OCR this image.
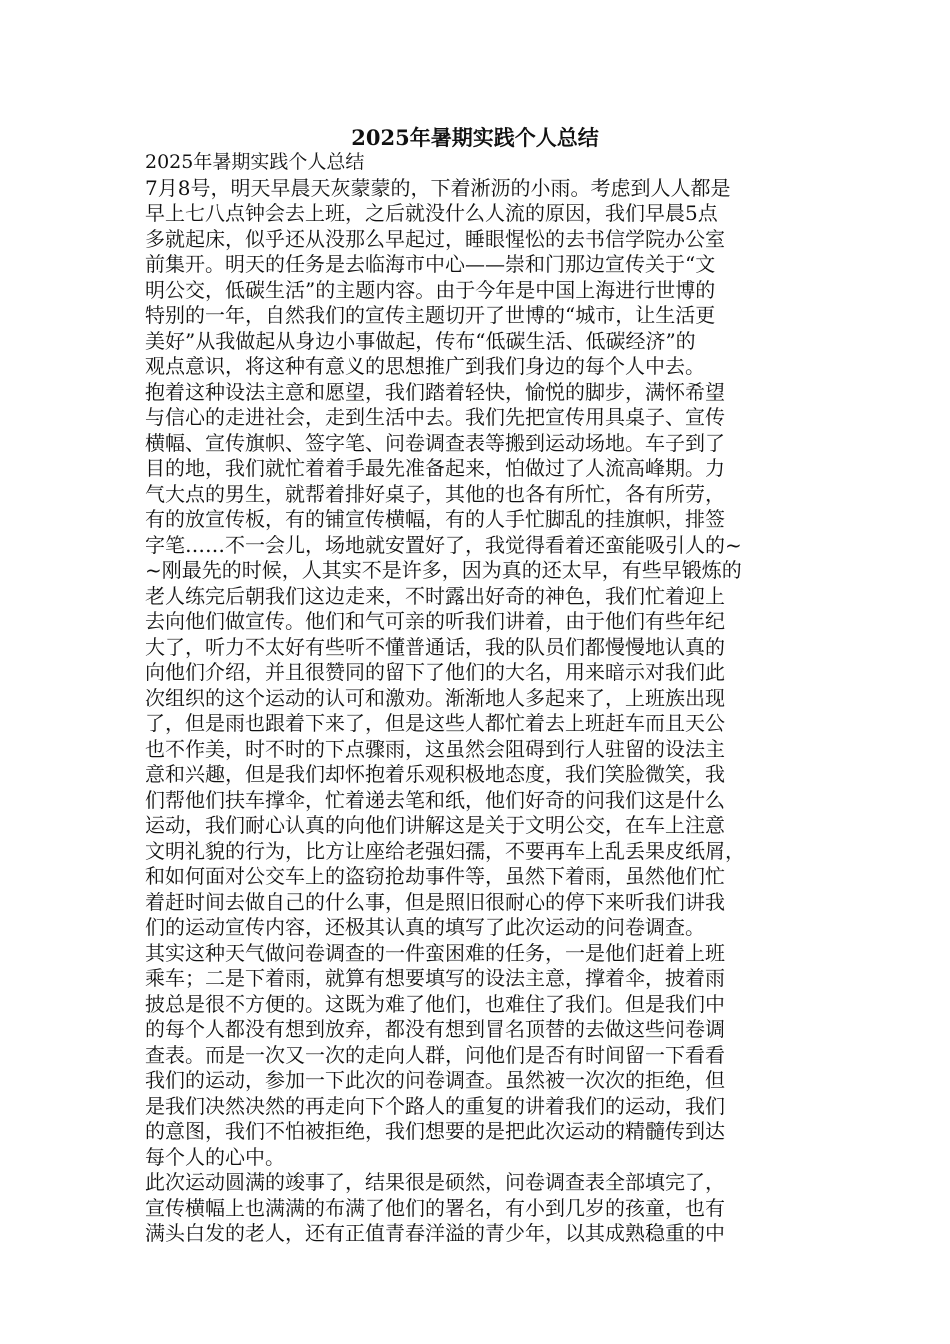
2025年暑期实践个人总结
2025年暑期实践个人总结
7月8号，明天早晨天灰蒙蒙的，下着淅沥的小雨。考虑到人人都是
早上七八点钟会去上班，之后就没什么人流的原因，我们早晨5点
多就起床，似乎还从没那么早起过，睡眼惺忪的去书信学院办公室
前集开。明天的任务是去临海市中心——崇和门那边宣传关于“文
明公交，低碳生活”的主题内容。由于今年是中国上海进行世博的
特别的一年，自然我们的宣传主题切开了世博的“城市，让生活更
美好”从我做起从身边小事做起，传布“低碳生活、低碳经济”的
观点意识，将这种有意义的思想推广到我们身边的每个人中去。
抱着这种设法主意和愿望，我们踏着轻快，愉悦的脚步，满怀希望
与信心的走进社会，走到生活中去。我们先把宣传用具桌子、宣传
横幅、宣传旗帜、签字笔、问卷调查表等搬到运动场地。车子到了
目的地，我们就忙着着手最先准备起来，怕做过了人流高峰期。力
气大点的男生，就帮着排好桌子，其他的也各有所忙，各有所劳，
有的放宣传板，有的铺宣传横幅，有的人手忙脚乱的挂旗帜，排签
字笔……不一会儿，场地就安置好了，我觉得看着还蛮能吸引人的~
~刚最先的时候，人其实不是许多，因为真的还太早，有些早锻炼的
老人练完后朝我们这边走来，不时露出好奇的神色，我们忙着迎上
去向他们做宣传。他们和气可亲的听我们讲着，由于他们有些年纪
大了，听力不太好有些听不懂普通话，我的队员们都慢慢地认真的
向他们介绍，并且很赞同的留下了他们的大名，用来暗示对我们此
次组织的这个运动的认可和激劝。渐渐地人多起来了，上班族出现
了，但是雨也跟着下来了，但是这些人都忙着去上班赶车而且天公
也不作美，时不时的下点骤雨，这虽然会阻碍到行人驻留的设法主
意和兴趣，但是我们却怀抱着乐观积极地态度，我们笑脸微笑，我
们帮他们扶车撑伞，忙着递去笔和纸，他们好奇的问我们这是什么
运动，我们耐心认真的向他们讲解这是关于文明公交，在车上注意
文明礼貌的行为，比方让座给老强妇孺，不要再车上乱丢果皮纸屑，
和如何面对公交车上的盗窃抢劫事件等，虽然下着雨，虽然他们忙
着赶时间去做自己的什么事，但是照旧很耐心的停下来听我们讲我
们的运动宣传内容，还极其认真的填写了此次运动的问卷调查。
其实这种天气做问卷调查的一件蛮困难的任务，一是他们赶着上班
乘车；二是下着雨，就算有想要填写的设法主意，撑着伞，披着雨
披总是很不方便的。这既为难了他们，也难住了我们。但是我们中
的每个人都没有想到放弃，都没有想到冒名顶替的去做这些问卷调
查表。而是一次又一次的走向人群，问他们是否有时间留一下看看
我们的运动，参加一下此次的问卷调查。虽然被一次次的拒绝，但
是我们决然决然的再走向下个路人的重复的讲着我们的运动，我们
的意图，我们不怕被拒绝，我们想要的是把此次运动的精髓传到达
每个人的心中。
此次运动圆满的竣事了，结果很是硕然，问卷调查表全部填完了，
宣传横幅上也满满的布满了他们的署名，有小到几岁的孩童，也有
满头白发的老人，还有正值青春洋溢的青少年，以其成熟稳重的中
